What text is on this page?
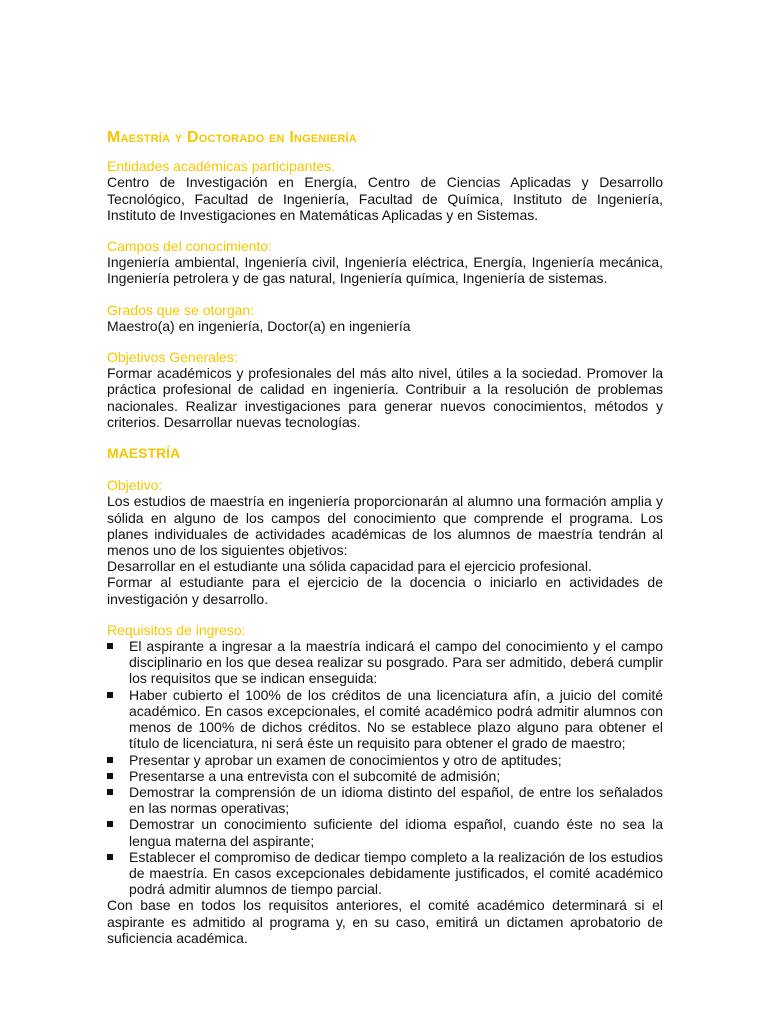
Maestría y Doctorado en Ingeniería
Entidades académicas participantes.
Centro de Investigación en Energía, Centro de Ciencias Aplicadas y Desarrollo Tecnológico, Facultad de Ingeniería, Facultad de Química, Instituto de Ingeniería, Instituto de Investigaciones en Matemáticas Aplicadas y en Sistemas.
Campos del conocimiento:
Ingeniería ambiental, Ingeniería civil, Ingeniería eléctrica, Energía, Ingeniería mecánica, Ingeniería petrolera y de gas natural, Ingeniería química, Ingeniería de sistemas.
Grados que se otorgan:
Maestro(a) en ingeniería, Doctor(a) en ingeniería
Objetivos Generales:
Formar académicos y profesionales del más alto nivel, útiles a la sociedad. Promover la práctica profesional de calidad en ingeniería. Contribuir a la resolución de problemas nacionales. Realizar investigaciones para generar nuevos conocimientos, métodos y criterios. Desarrollar nuevas tecnologías.
MAESTRÍA
Objetivo:
Los estudios de maestría en ingeniería proporcionarán al alumno una formación amplia y sólida en alguno de los campos del conocimiento que comprende el programa. Los planes individuales de actividades académicas de los alumnos de maestría tendrán al menos uno de los siguientes objetivos:
Desarrollar en el estudiante una sólida capacidad para el ejercicio profesional.
Formar al estudiante para el ejercicio de la docencia o iniciarlo en actividades de investigación y desarrollo.
Requisitos de ingreso:
El aspirante a ingresar a la maestría indicará el campo del conocimiento y el campo disciplinario en los que desea realizar su posgrado. Para ser admitido, deberá cumplir los requisitos que se indican enseguida:
Haber cubierto el 100% de los créditos de una licenciatura afín, a juicio del comité académico. En casos excepcionales, el comité académico podrá admitir alumnos con menos de 100% de dichos créditos. No se establece plazo alguno para obtener el título de licenciatura, ni será éste un requisito para obtener el grado de maestro;
Presentar y aprobar un examen de conocimientos y otro de aptitudes;
Presentarse a una entrevista con el subcomité de admisión;
Demostrar la comprensión de un idioma distinto del español, de entre los señalados en las normas operativas;
Demostrar un conocimiento suficiente del idioma español, cuando éste no sea la lengua materna del aspirante;
Establecer el compromiso de dedicar tiempo completo a la realización de los estudios de maestría. En casos excepcionales debidamente justificados, el comité académico podrá admitir alumnos de tiempo parcial.
Con base en todos los requisitos anteriores, el comité académico determinará si el aspirante es admitido al programa y, en su caso, emitirá un dictamen aprobatorio de suficiencia académica.
